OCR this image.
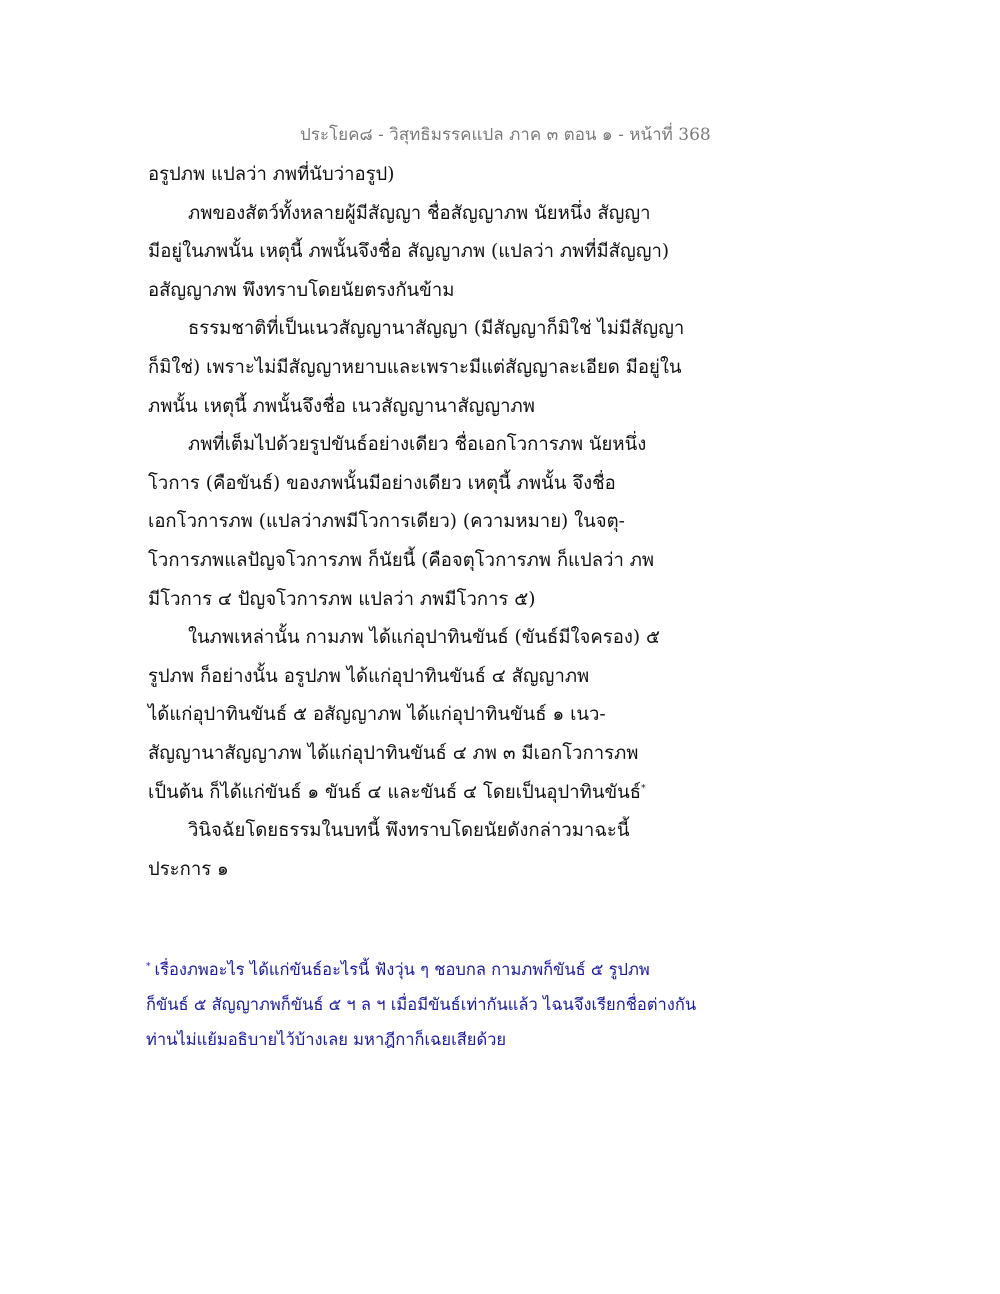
ประโยค๘ - วิสุทธิมรรคแปล ภาค ๓ ตอน ๑ - หน้าที่ 368
อรูปภพ แปลว่า ภพที่นับว่าอรูป)
ภพของสัตว์ทั้งหลายผู้มีสัญญา ชื่อสัญญาภพ นัยหนึ่ง สัญญา
มีอยู่ในภพนั้น เหตุนี้ ภพนั้นจึงชื่อ สัญญาภพ (แปลว่า ภพที่มีสัญญา)
อสัญญาภพ พึงทราบโดยนัยตรงกันข้าม
ธรรมชาติที่เป็นเนวสัญญานาสัญญา (มีสัญญาก็มิใช่ ไม่มีสัญญา
ก็มิใช่) เพราะไม่มีสัญญาหยาบและเพราะมีแต่สัญญาละเอียด มีอยู่ใน
ภพนั้น เหตุนี้ ภพนั้นจึงชื่อ เนวสัญญานาสัญญาภพ
ภพที่เต็มไปด้วยรูปขันธ์อย่างเดียว ชื่อเอกโวการภพ นัยหนึ่ง
โวการ (คือขันธ์) ของภพนั้นมีอย่างเดียว เหตุนี้ ภพนั้น จึงชื่อ
เอกโวการภพ (แปลว่าภพมีโวการเดียว) (ความหมาย) ในจตุ-
โวการภพแลปัญจโวการภพ ก็นัยนี้ (คือจตุโวการภพ ก็แปลว่า ภพ
มีโวการ ๔ ปัญจโวการภพ แปลว่า ภพมีโวการ ๕)
ในภพเหล่านั้น กามภพ ได้แก่อุปาทินขันธ์ (ขันธ์มีใจครอง) ๕
รูปภพ ก็อย่างนั้น อรูปภพ ได้แก่อุปาทินขันธ์ ๔ สัญญาภพ
ได้แก่อุปาทินขันธ์ ๕ อสัญญาภพ ได้แก่อุปาทินขันธ์ ๑ เนว-
สัญญานาสัญญาภพ ได้แก่อุปาทินขันธ์ ๔ ภพ ๓ มีเอกโวการภพ
เป็นต้น ก็ได้แก่ขันธ์ ๑ ขันธ์ ๔ และขันธ์ ๔ โดยเป็นอุปาทินขันธ์*
วินิจฉัยโดยธรรมในบทนี้ พึงทราบโดยนัยดังกล่าวมาฉะนี้
ประการ ๑
* เรื่องภพอะไร ได้แก่ขันธ์อะไรนี้ ฟังวุ่น ๆ ชอบกล กามภพก็ขันธ์ ๕ รูปภพ
ก็ขันธ์ ๕ สัญญาภพก็ขันธ์ ๕ ฯ ล ฯ เมื่อมีขันธ์เท่ากันแล้ว ไฉนจึงเรียกชื่อต่างกัน
ท่านไม่แย้มอธิบายไว้บ้างเลย มหาฎีกาก็เฉยเสียด้วย
